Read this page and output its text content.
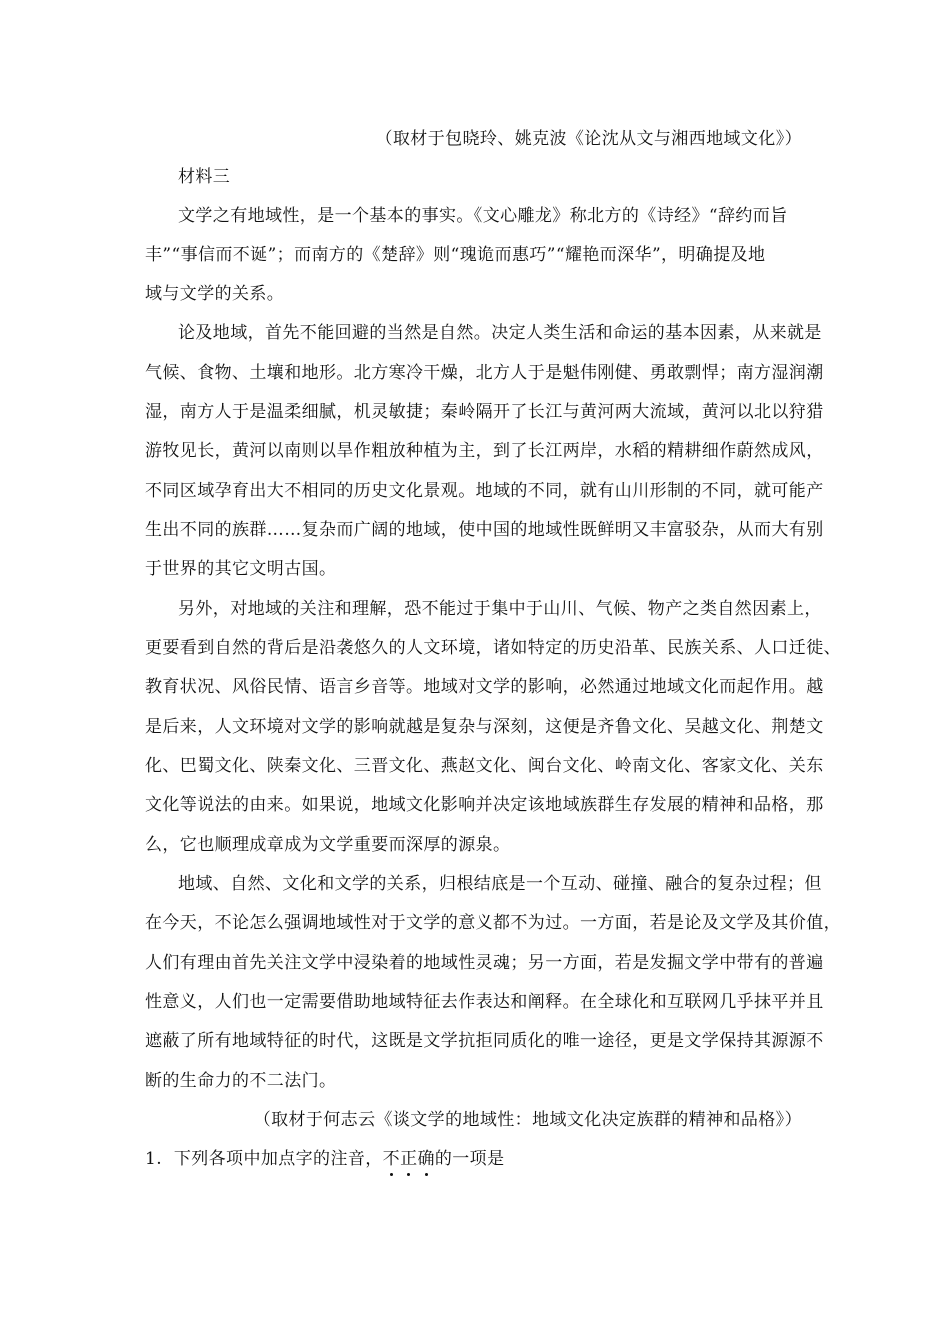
（取材于包晓玲、姚克波《论沈从文与湘西地域文化》）
材料三
文学之有地域性，是一个基本的事实。《文心雕龙》称北方的《诗经》“辞约而旨
丰”“事信而不诞”；而南方的《楚辞》则“瑰诡而惠巧”“耀艳而深华”，明确提及地
域与文学的关系。
论及地域，首先不能回避的当然是自然。决定人类生活和命运的基本因素，从来就是
气候、食物、土壤和地形。北方寒冷干燥，北方人于是魁伟刚健、勇敢剽悍；南方湿润潮
湿，南方人于是温柔细腻，机灵敏捷；秦岭隔开了长江与黄河两大流域，黄河以北以狩猎
游牧见长，黄河以南则以旱作粗放种植为主，到了长江两岸，水稻的精耕细作蔚然成风，
不同区域孕育出大不相同的历史文化景观。地域的不同，就有山川形制的不同，就可能产
生出不同的族群……复杂而广阔的地域，使中国的地域性既鲜明又丰富驳杂，从而大有别
于世界的其它文明古国。
另外，对地域的关注和理解，恐不能过于集中于山川、气候、物产之类自然因素上，
更要看到自然的背后是沿袭悠久的人文环境，诸如特定的历史沿革、民族关系、人口迁徙、
教育状况、风俗民情、语言乡音等。地域对文学的影响，必然通过地域文化而起作用。越
是后来，人文环境对文学的影响就越是复杂与深刻，这便是齐鲁文化、吴越文化、荆楚文
化、巴蜀文化、陕秦文化、三晋文化、燕赵文化、闽台文化、岭南文化、客家文化、关东
文化等说法的由来。如果说，地域文化影响并决定该地域族群生存发展的精神和品格，那
么，它也顺理成章成为文学重要而深厚的源泉。
地域、自然、文化和文学的关系，归根结底是一个互动、碰撞、融合的复杂过程；但
在今天，不论怎么强调地域性对于文学的意义都不为过。一方面，若是论及文学及其价值，
人们有理由首先关注文学中浸染着的地域性灵魂；另一方面，若是发掘文学中带有的普遍
性意义，人们也一定需要借助地域特征去作表达和阐释。在全球化和互联网几乎抹平并且
遮蔽了所有地域特征的时代，这既是文学抗拒同质化的唯一途径，更是文学保持其源源不
断的生命力的不二法门。
（取材于何志云《谈文学的地域性：地域文化决定族群的精神和品格》）
1. 下列各项中加点字的注音，不正确的一项是
